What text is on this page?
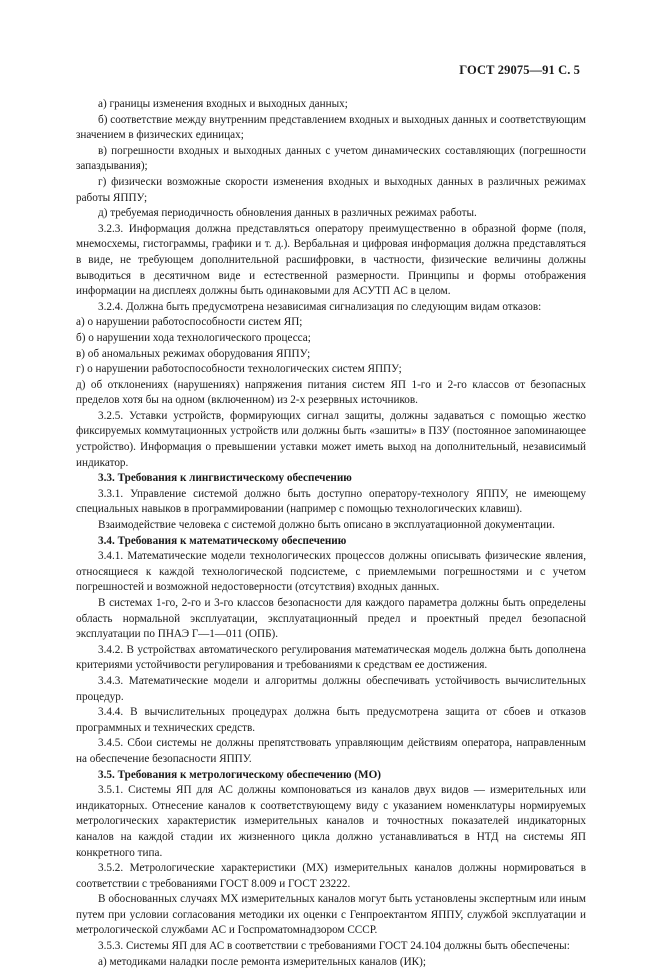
ГОСТ 29075—91 С. 5

а) границы изменения входных и выходных данных;

б) соответствие между внутренним представлением входных и выходных данных и соответствующим значением в физических единицах;

в) погрешности входных и выходных данных с учетом динамических составляющих (погрешности запаздывания);

г) физически возможные скорости изменения входных и выходных данных в различных режимах работы ЯППУ;

д) требуемая периодичность обновления данных в различных режимах работы.

3.2.3. Информация должна представляться оператору преимущественно в образной форме (поля, мнемосхемы, гистограммы, графики и т. д.). Вербальная и цифровая информация должна представляться в виде, не требующем дополнительной расшифровки, в частности, физические величины должны выводиться в десятичном виде и естественной размерности. Принципы и формы отображения информации на дисплеях должны быть одинаковыми для АСУТП АС в целом.

3.2.4. Должна быть предусмотрена независимая сигнализация по следующим видам отказов:

а) о нарушении работоспособности систем ЯП;

б) о нарушении хода технологического процесса;

в) об аномальных режимах оборудования ЯППУ;

г) о нарушении работоспособности технологических систем ЯППУ;

д) об отклонениях (нарушениях) напряжения питания систем ЯП 1-го и 2-го классов от безопасных пределов хотя бы на одном (включенном) из 2-х резервных источников.

3.2.5. Уставки устройств, формирующих сигнал защиты, должны задаваться с помощью жестко фиксируемых коммутационных устройств или должны быть «зашиты» в ПЗУ (постоянное запоминающее устройство). Информация о превышении уставки может иметь выход на дополнительный, независимый индикатор.

3.3. Требования к лингвистическому обеспечению

3.3.1. Управление системой должно быть доступно оператору-технологу ЯППУ, не имеющему специальных навыков в программировании (например с помощью технологических клавиш).

Взаимодействие человека с системой должно быть описано в эксплуатационной документации.

3.4. Требования к математическому обеспечению

3.4.1. Математические модели технологических процессов должны описывать физические явления, относящиеся к каждой технологической подсистеме, с приемлемыми погрешностями и с учетом погрешностей и возможной недостоверности (отсутствия) входных данных.

В системах 1-го, 2-го и 3-го классов безопасности для каждого параметра должны быть определены область нормальной эксплуатации, эксплуатационный предел и проектный предел безопасной эксплуатации по ПНАЭ Г—1—011 (ОПБ).

3.4.2. В устройствах автоматического регулирования математическая модель должна быть дополнена критериями устойчивости регулирования и требованиями к средствам ее достижения.

3.4.3. Математические модели и алгоритмы должны обеспечивать устойчивость вычислительных процедур.

3.4.4. В вычислительных процедурах должна быть предусмотрена защита от сбоев и отказов программных и технических средств.

3.4.5. Сбои системы не должны препятствовать управляющим действиям оператора, направленным на обеспечение безопасности ЯППУ.

3.5. Требования к метрологическому обеспечению (МО)

3.5.1. Системы ЯП для АС должны компоноваться из каналов двух видов — измерительных или индикаторных. Отнесение каналов к соответствующему виду с указанием номенклатуры нормируемых метрологических характеристик измерительных каналов и точностных показателей индикаторных каналов на каждой стадии их жизненного цикла должно устанавливаться в НТД на системы ЯП конкретного типа.

3.5.2. Метрологические характеристики (МХ) измерительных каналов должны нормироваться в соответствии с требованиями ГОСТ 8.009 и ГОСТ 23222.

В обоснованных случаях МХ измерительных каналов могут быть установлены экспертным или иным путем при условии согласования методики их оценки с Генпроектантом ЯППУ, службой эксплуатации и метрологической службами АС и Госпроматомнадзором СССР.

3.5.3. Системы ЯП для АС в соответствии с требованиями ГОСТ 24.104 должны быть обеспечены:

а) методиками наладки после ремонта измерительных каналов (ИК);
